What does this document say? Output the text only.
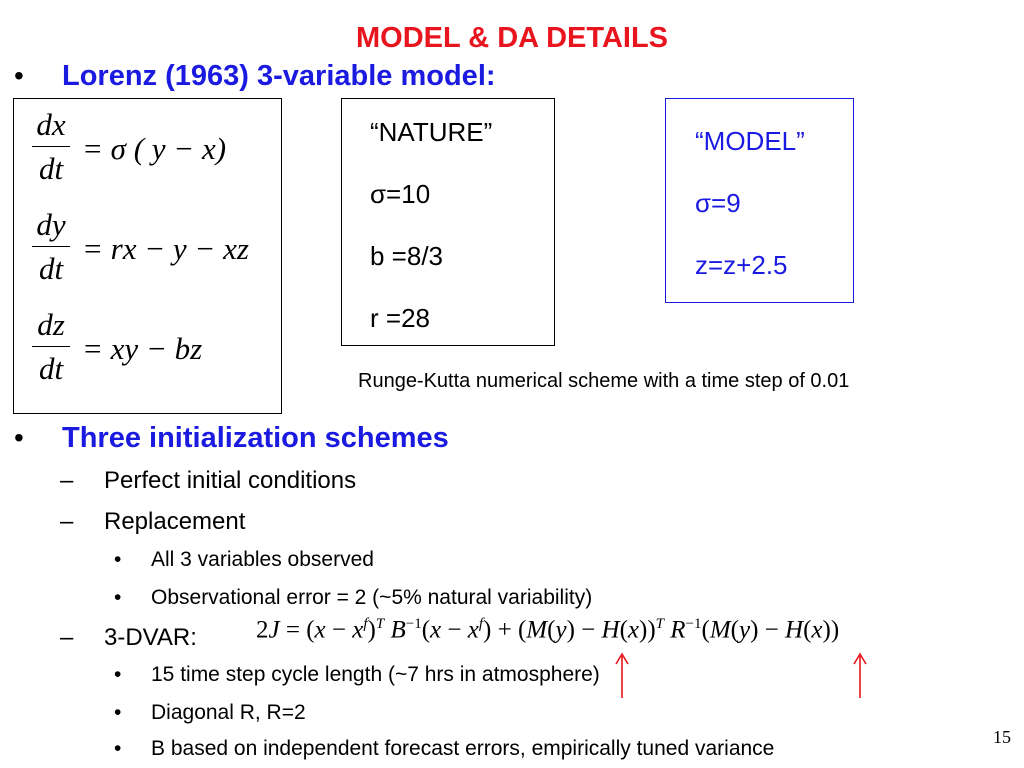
MODEL & DA DETAILS
• Lorenz (1963) 3-variable model:
dx
dt
= σ ( y − x)
dy
dt
= rx − y − xz
dz
dt
= xy − bz
“NATURE”
σ=10
b =8/3
r =28
“MODEL”
σ=9
z=z+2.5
Runge-Kutta numerical scheme with a time step of 0.01
• Three initialization schemes
– Perfect initial conditions
– Replacement
• All 3 variables observed
• Observational error = 2 (~5% natural variability)
– 3-DVAR: $2J = (x - x^f)^T$ $B^{-1}(x - x^f) + (M(y) - H(x))^T$ $R^{-1}(M(y) - H(x))$
• 15 time step cycle length (~7 hrs in atmosphere)
• Diagonal R, R=2
• B based on independent forecast errors, empirically tuned variance	15
